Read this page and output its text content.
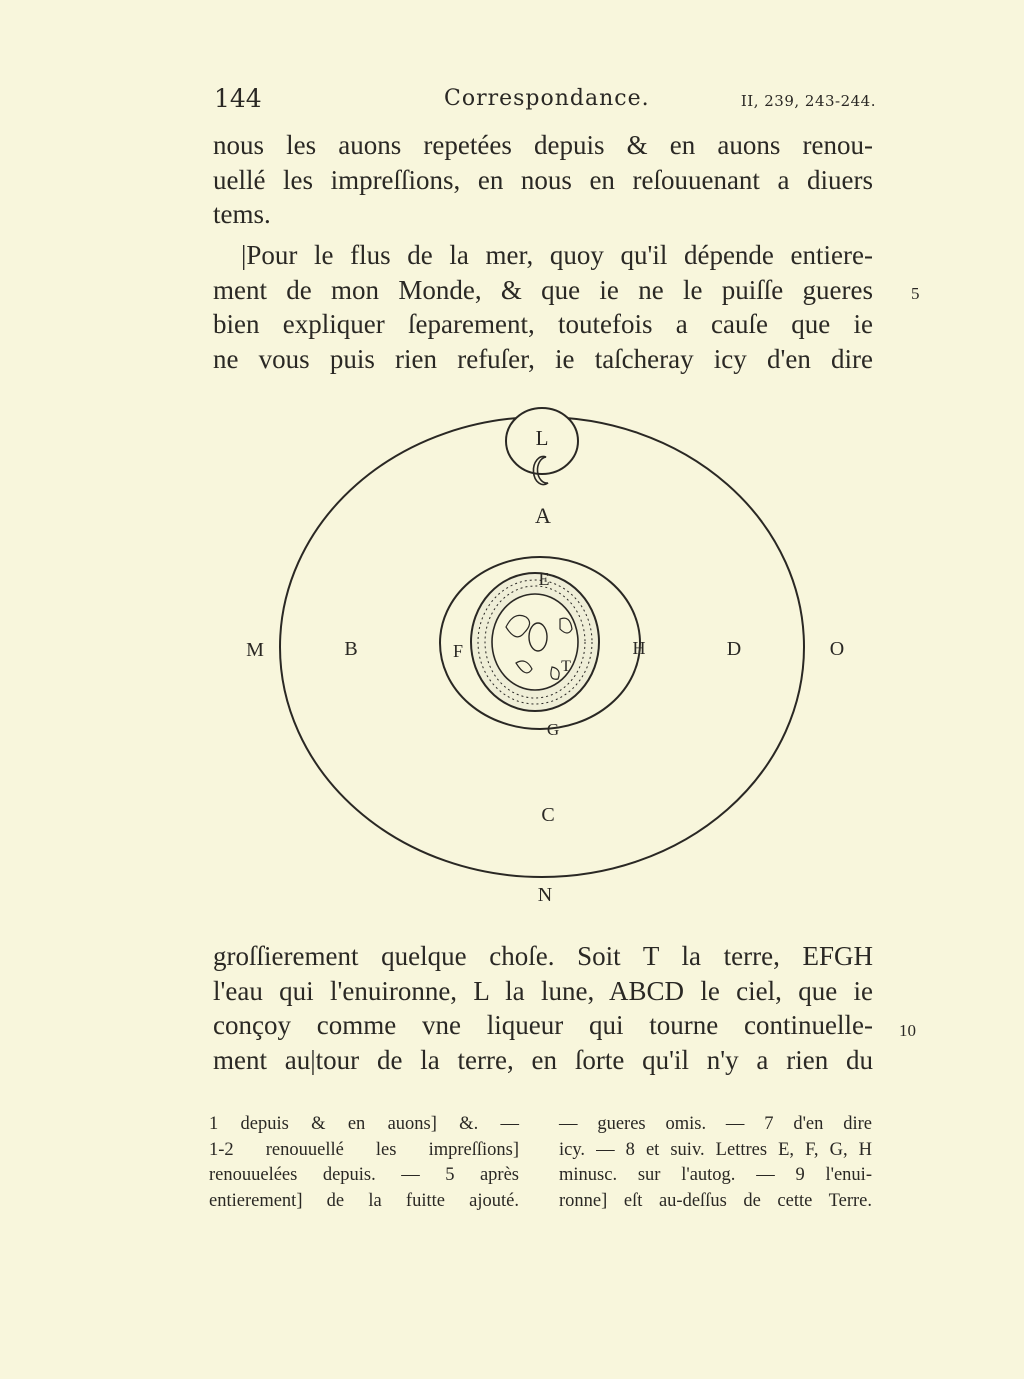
144	Correspondance.	II, 239, 243-244.

nous les auons repetées depuis & en auons renou-
uellé les impreſſions, en nous en reſouuenant a diuers
tems.

|Pour le flus de la mer, quoy qu'il dépende entiere-
ment de mon Monde, & que ie ne le puiſſe gueres
bien expliquer ſeparement, toutefois a cauſe que ie
ne vous puis rien refuſer, ie taſcheray icy d'en dire

5
L
A
E
M	B	F
T
H	D	O
G
C
N

groſſierement quelque choſe. Soit T la terre, EFGH
l'eau qui l'enuironne, L la lune, ABCD le ciel, que ie
conçoy comme vne liqueur qui tourne continuelle-
ment au|tour de la terre, en ſorte qu'il n'y a rien du

10
1 depuis & en auons] &. —
1-2 renouuellé les impreſſions]
renouuelées depuis. — 5 après
entierement] de la fuitte ajouté.
— gueres omis. — 7 d'en dire
icy. — 8 et suiv. Lettres E, F, G, H
minusc. sur l'autog. — 9 l'enui-
ronne] eſt au-deſſus de cette Terre.
